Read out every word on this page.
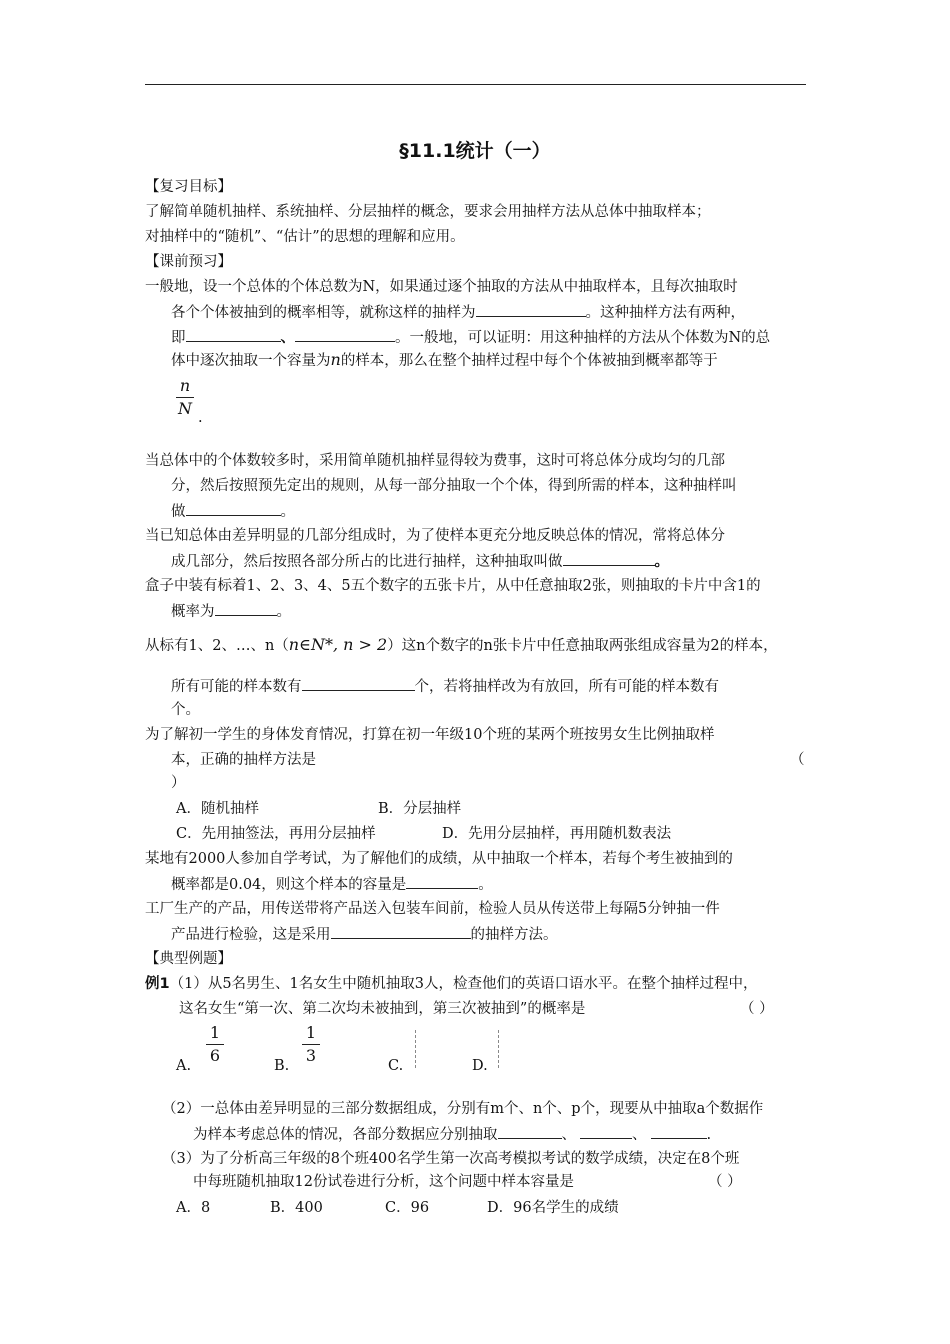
§11.1统计（一）
【复习目标】
了解简单随机抽样、系统抽样、分层抽样的概念，要求会用抽样方法从总体中抽取样本；
对抽样中的“随机”、“估计”的思想的理解和应用。
【课前预习】
一般地，设一个总体的个体总数为N，如果通过逐个抽取的方法从中抽取样本，且每次抽取时
各个个体被抽到的概率相等，就称这样的抽样为	。这种抽样方法有两种，
即	、	。一般地，可以证明：用这种抽样的方法从个体数为N的总
体中逐次抽取一个容量为n的样本，那么在整个抽样过程中每个个体被抽到概率都等于
n
N .
当总体中的个体数较多时，采用简单随机抽样显得较为费事，这时可将总体分成均匀的几部
分，然后按照预先定出的规则，从每一部分抽取一个个体，得到所需的样本，这种抽样叫
做	。
当已知总体由差异明显的几部分组成时，为了使样本更充分地反映总体的情况，常将总体分
成几部分，然后按照各部分所占的比进行抽样，这种抽取叫做	。
盒子中装有标着1、2、3、4、5五个数字的五张卡片，从中任意抽取2张，则抽取的卡片中含1的
概率为	。
从标有1、2、…、n（n∈N*, n > 2）这n个数字的n张卡片中任意抽取两张组成容量为2的样本，
所有可能的样本数有	个，若将抽样改为有放回，所有可能的样本数有
个。
为了解初一学生的身体发育情况，打算在初一年级10个班的某两个班按男女生比例抽取样
本，正确的抽样方法是	（
）
A．随机抽样	B．分层抽样
C．先用抽签法，再用分层抽样	D．先用分层抽样，再用随机数表法
某地有2000人参加自学考试，为了解他们的成绩，从中抽取一个样本，若每个考生被抽到的
概率都是0.04，则这个样本的容量是	。
工厂生产的产品，用传送带将产品送入包装车间前，检验人员从传送带上每隔5分钟抽一件
产品进行检验，这是采用	的抽样方法。
【典型例题】
例1（1）从5名男生、1名女生中随机抽取3人，检查他们的英语口语水平。在整个抽样过程中，
这名女生“第一次、第二次均未被抽到，第三次被抽到”的概率是	（ ）
A.
1
6
B.
1
3
C.	D.
（2）一总体由差异明显的三部分数据组成，分别有m个、n个、p个，现要从中抽取a个数据作
为样本考虑总体的情况，各部分数据应分别抽取	、	、	.
（3）为了分析高三年级的8个班400名学生第一次高考模拟考试的数学成绩，决定在8个班
中每班随机抽取12份试卷进行分析，这个问题中样本容量是	（ ）
A．8	B．400	C．96	D．96名学生的成绩
